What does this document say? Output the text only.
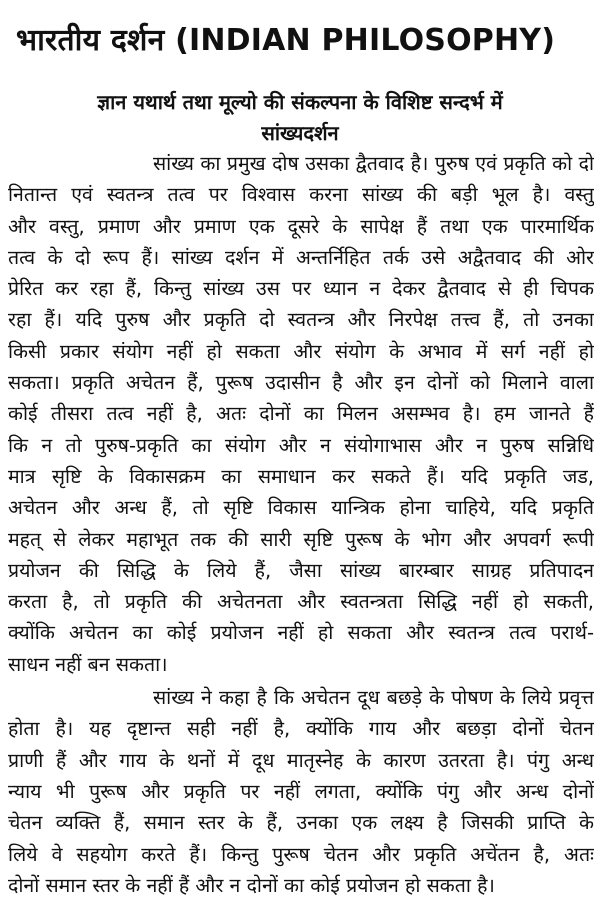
भारतीय दर्शन (INDIAN PHILOSOPHY)
ज्ञान यथार्थ तथा मूल्यो की संकल्पना के विशिष्ट सन्दर्भ में
सांख्यदर्शन
सांख्य का प्रमुख दोष उसका द्वैतवाद है। पुरुष एवं प्रकृति को दो
नितान्त एवं स्वतन्त्र तत्व पर विश्वास करना सांख्य की बड़ी भूल है। वस्तु
और वस्तु, प्रमाण और प्रमाण एक दूसरे के सापेक्ष हैं तथा एक पारमार्थिक
तत्व के दो रूप हैं। सांख्य दर्शन में अन्तर्निहित तर्क उसे अद्वैतवाद की ओर
प्रेरित कर रहा हैं, किन्तु सांख्य उस पर ध्यान न देकर द्वैतवाद से ही चिपक
रहा हैं। यदि पुरुष और प्रकृति दो स्वतन्त्र और निरपेक्ष तत्त्व हैं, तो उनका
किसी प्रकार संयोग नहीं हो सकता और संयोग के अभाव में सर्ग नहीं हो
सकता। प्रकृति अचेतन हैं, पुरूष उदासीन है और इन दोनों को मिलाने वाला
कोई तीसरा तत्व नहीं है, अतः दोनों का मिलन असम्भव है। हम जानते हैं
कि न तो पुरुष-प्रकृति का संयोग और न संयोगाभास और न पुरुष सन्निधि
मात्र सृष्टि के विकासक्रम का समाधान कर सकते हैं। यदि प्रकृति जड,
अचेतन और अन्ध हैं, तो सृष्टि विकास यान्त्रिक होना चाहिये, यदि प्रकृति
महत् से लेकर महाभूत तक की सारी सृष्टि पुरूष के भोग और अपवर्ग रूपी
प्रयोजन की सिद्धि के लिये हैं, जैसा सांख्य बारम्बार साग्रह प्रतिपादन
करता है, तो प्रकृति की अचेतनता और स्वतन्त्रता सिद्धि नहीं हो सकती,
क्योंकि अचेतन का कोई प्रयोजन नहीं हो सकता और स्वतन्त्र तत्व परार्थ-
साधन नहीं बन सकता।
सांख्य ने कहा है कि अचेतन दूध बछड़े के पोषण के लिये प्रवृत्त
होता है। यह दृष्टान्त सही नहीं है, क्योंकि गाय और बछड़ा दोनों चेतन
प्राणी हैं और गाय के थनों में दूध मातृस्नेह के कारण उतरता है। पंगु अन्ध
न्याय भी पुरूष और प्रकृति पर नहीं लगता, क्योंकि पंगु और अन्ध दोनों
चेतन व्यक्ति हैं, समान स्तर के हैं, उनका एक लक्ष्य है जिसकी प्राप्ति के
लिये वे सहयोग करते हैं। किन्तु पुरूष चेतन और प्रकृति अचेंतन है, अतः
दोनों समान स्तर के नहीं हैं और न दोनों का कोई प्रयोजन हो सकता है।
